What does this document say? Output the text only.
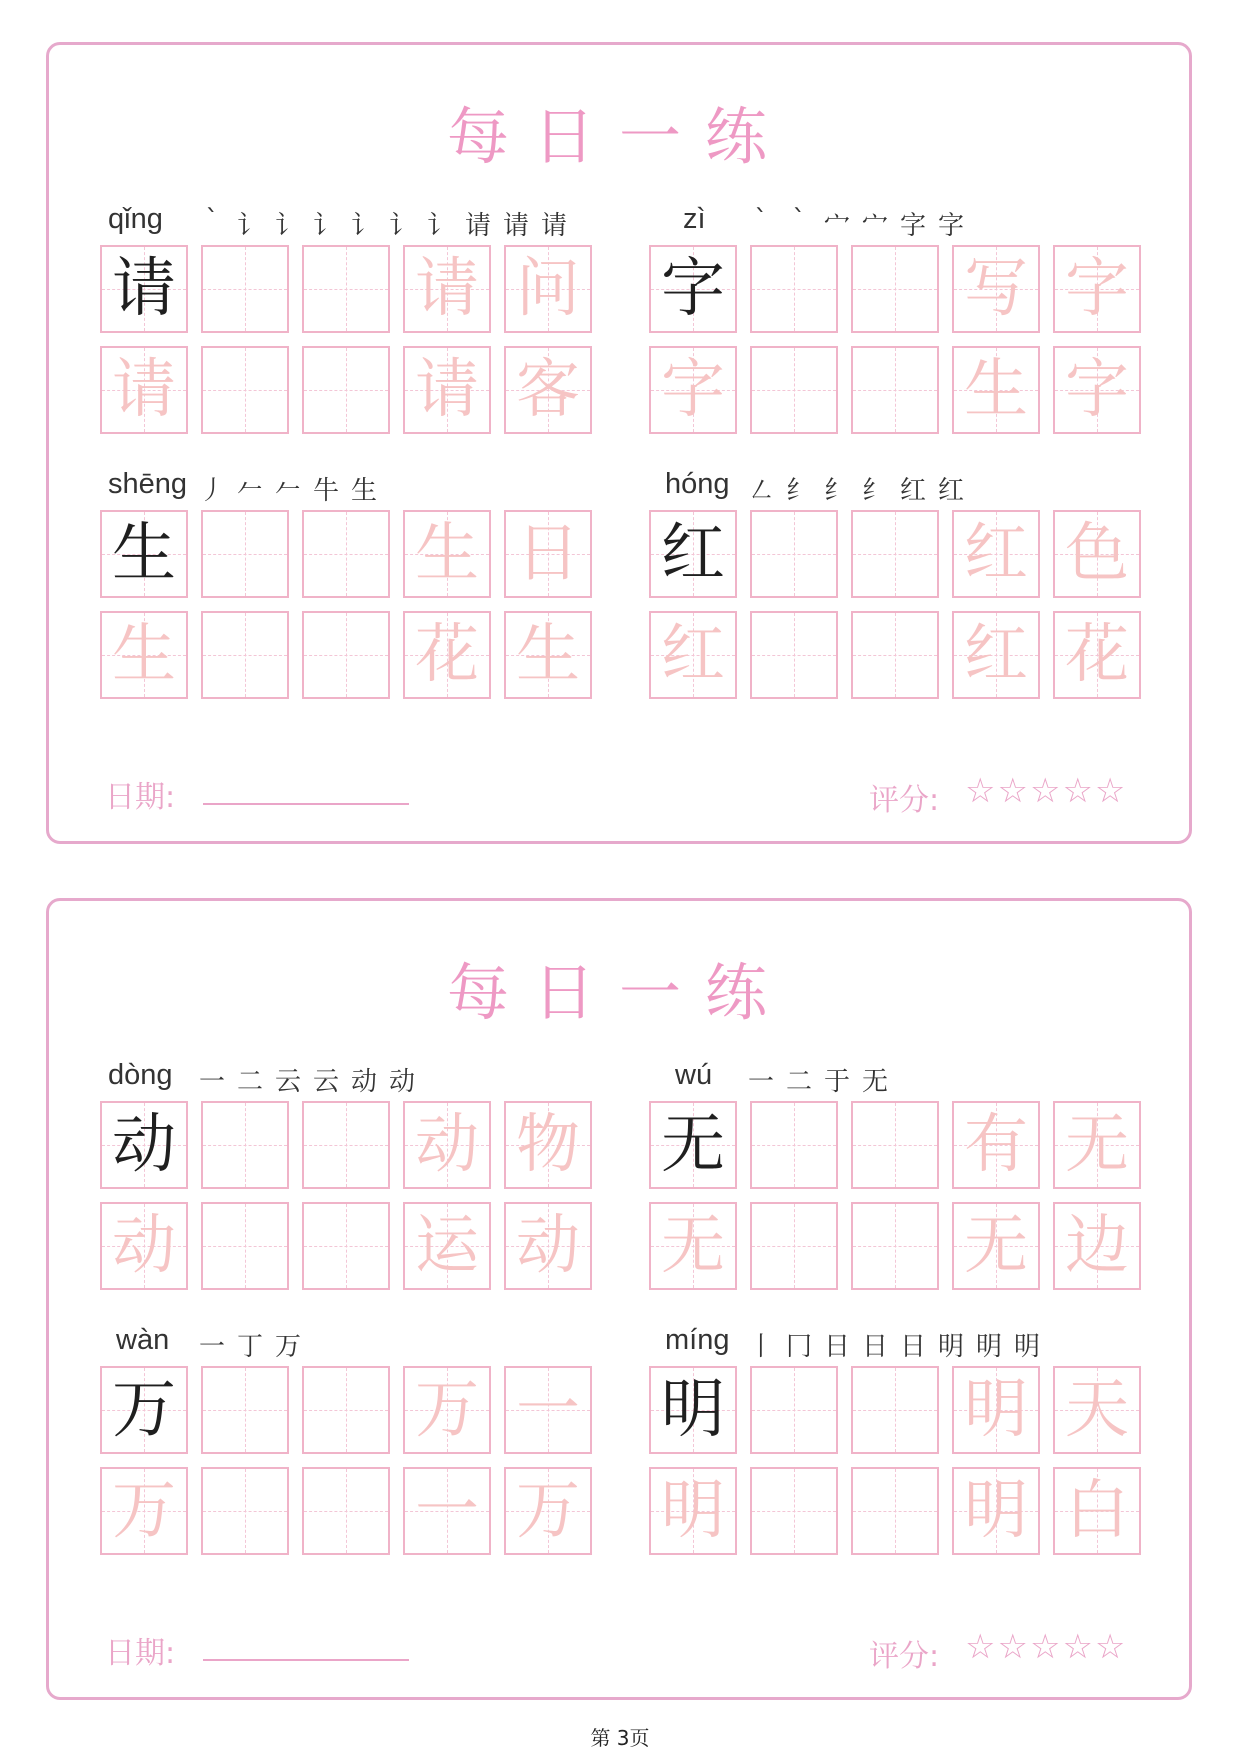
每日一练
qǐng	` 讠 讠 讠 讠 讠 讠 请 请 请
请	请 问
请	请 客
zì	` ` 宀 宀 字 字
字	写 字
字	生 字
shēng 丿 𠂉 𠂉 牛 生
生	生 日
生	花 生
hóng ㇜ 纟 纟 纟 红 红
红	红 色
红	红 花
日期:	评分: ☆☆☆☆☆
每日一练
dòng 一 二 云 云 动 动
动	动 物
动	运 动
wú 一 二 于 无
无	有 无
无	无 边
wàn 一 丁 万
万	万 一
万	一 万
míng 丨 冂 日 日 日 明 明 明
明	明 天
明	明 白
日期:	评分: ☆☆☆☆☆
第 3页
